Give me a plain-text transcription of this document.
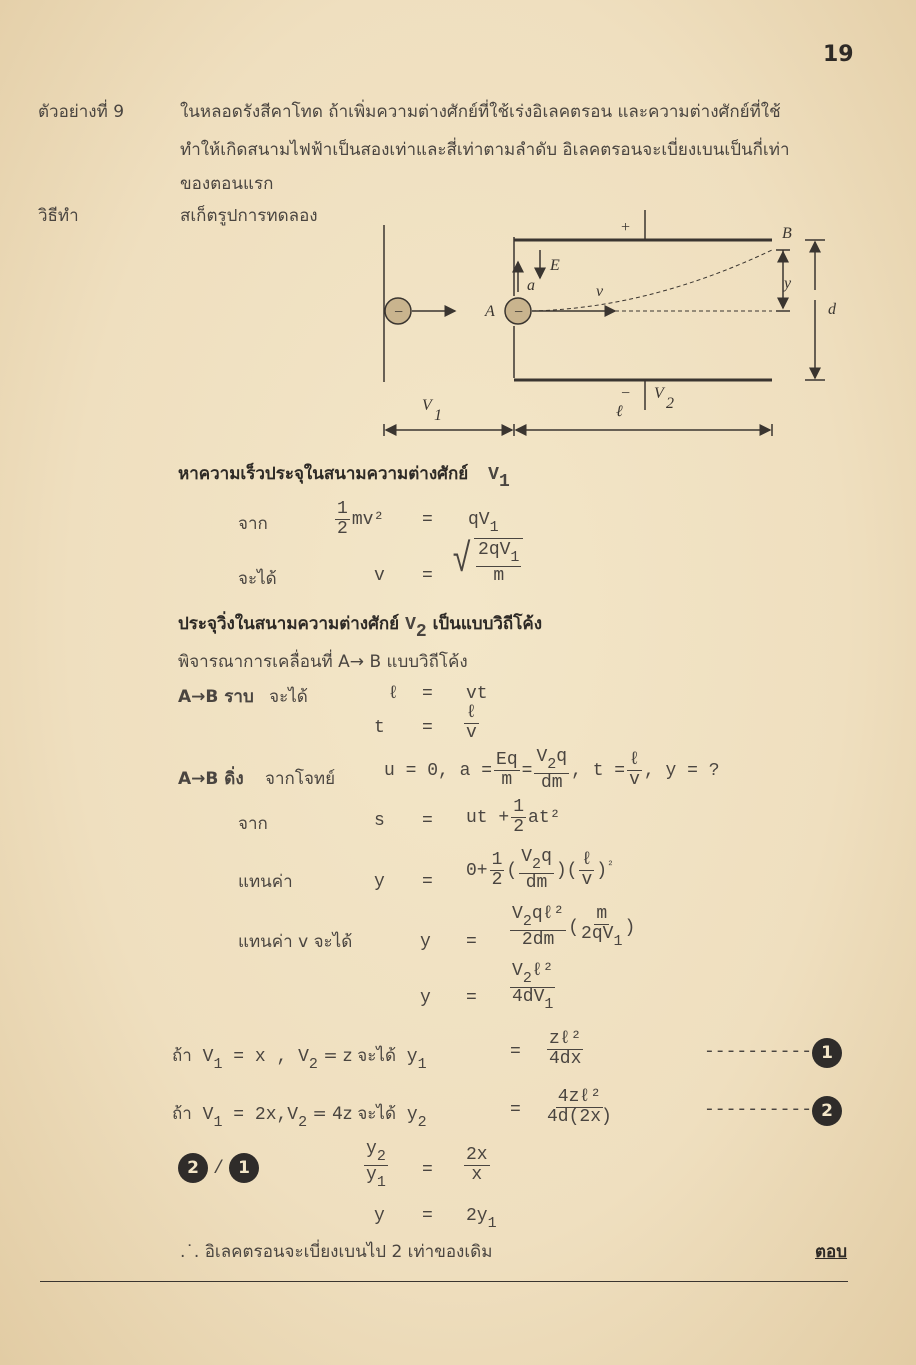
19
ตัวอย่างที่ 9	ในหลอดรังสีคาโทด ถ้าเพิ่มความต่างศักย์ที่ใช้เร่งอิเลคตรอน และความต่างศักย์ที่ใช้
ทำให้เกิดสนามไฟฟ้าเป็นสองเท่าและสี่เท่าตามลำดับ อิเลคตรอนจะเบี่ยงเบนเป็นกี่เท่า
ของตอนแรก
วิธีทำ	สเก็ตรูปการทดลอง
−	−
+
−
A
B
a
E
v	y
d
V
1
V
2
ℓ
หาความเร็วประจุในสนามความต่างศักย์ $V_1$
จาก	$\frac{1}{2} mv^2 = qV_1$
จะได้	v = √ $\frac{2qV_1}{m}$
ประจุวิ่งในสนามความต่างศักย์ $V_2$ เป็นแบบวิถีโค้ง
พิจารณาการเคลื่อนที่ A→ B แบบวิถีโค้ง
A→B ราบ จะได้	ℓ = vt
t =
ℓ
v
A→B ดิ่ง จากโจทย์	u = 0, $a = \frac{Eq}{m} = \frac{V_2q}{dm}$ , t =
ℓ
v , y = ?
จาก	s = ut + $\frac{1}{2} at^2$
แทนค่า	y =
$0+ \frac{1}{2}$ ( $\frac{V_2q}{dm}$ )(
ℓ
v )$^{^2}$
แทนค่า v จะได้	y =
$V_2q\ell^2$
2dm
( $\frac{m}{2qV_1}$ )
y =
$V_2\ell^2$
$4dV_1$
ถ้า $V_1 = x$ , $V_2 = z$ จะได้ $y_1$
=
zℓ²
4dx	---------- 1
ถ้า $V_1 = 2x,V_2 = 4z$ จะได้ $y_2$
=
4zℓ²
4d(2x)	---------- 2
2 / 1	$\frac{y_2}{y_1} = \frac{2x}{x}$
$y = 2y_1$
.˙. อิเลคตรอนจะเบี่ยงเบนไป 2 เท่าของเดิม	ตอบ
